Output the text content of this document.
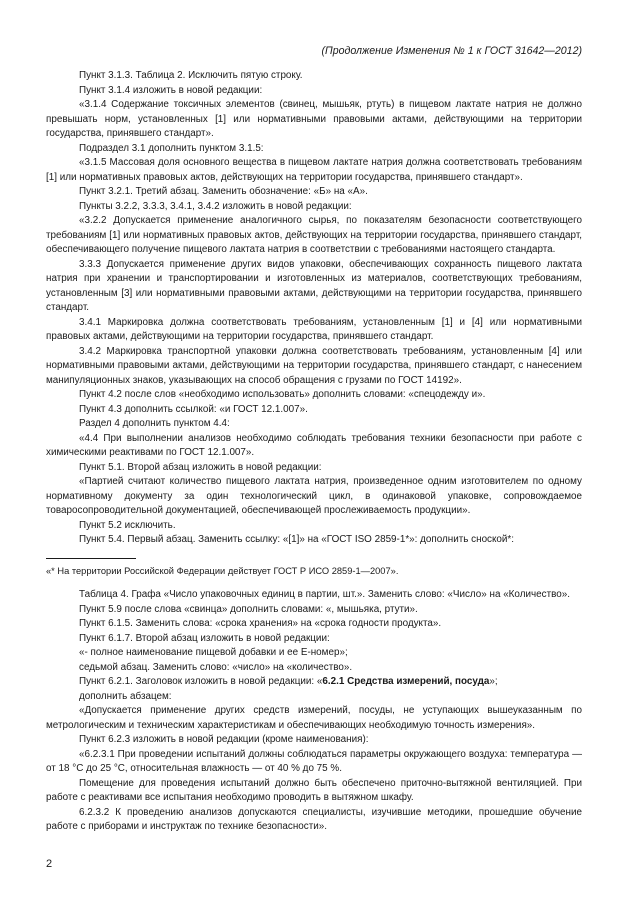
(Продолжение Изменения № 1 к ГОСТ 31642—2012)

Пункт 3.1.3. Таблица 2. Исключить пятую строку.

Пункт 3.1.4 изложить в новой редакции:

«3.1.4 Содержание токсичных элементов (свинец, мышьяк, ртуть) в пищевом лактате натрия не должно превышать норм, установленных [1] или нормативными правовыми актами, действующими на территории государства, принявшего стандарт».

Подраздел 3.1 дополнить пунктом 3.1.5:

«3.1.5 Массовая доля основного вещества в пищевом лактате натрия должна соответствовать требованиям [1] или нормативных правовых актов, действующих на территории государства, принявшего стандарт».

Пункт 3.2.1. Третий абзац. Заменить обозначение: «Б» на «А».

Пункты 3.2.2, 3.3.3, 3.4.1, 3.4.2 изложить в новой редакции:

«3.2.2 Допускается применение аналогичного сырья, по показателям безопасности соответствующего требованиям [1] или нормативных правовых актов, действующих на территории государства, принявшего стандарт, обеспечивающего получение пищевого лактата натрия в соответствии с требованиями настоящего стандарта.

3.3.3 Допускается применение других видов упаковки, обеспечивающих сохранность пищевого лактата натрия при хранении и транспортировании и изготовленных из материалов, соответствующих требованиям, установленным [3] или нормативными правовыми актами, действующими на территории государства, принявшего стандарт.

3.4.1 Маркировка должна соответствовать требованиям, установленным [1] и [4] или нормативными правовых актами, действующими на территории государства, принявшего стандарт.

3.4.2 Маркировка транспортной упаковки должна соответствовать требованиям, установленным [4] или нормативными правовыми актами, действующими на территории государства, принявшего стандарт, с нанесением манипуляционных знаков, указывающих на способ обращения с грузами по ГОСТ 14192».

Пункт 4.2 после слов «необходимо использовать» дополнить словами: «спецодежду и».

Пункт 4.3 дополнить ссылкой: «и ГОСТ 12.1.007».

Раздел 4 дополнить пунктом 4.4:

«4.4 При выполнении анализов необходимо соблюдать требования техники безопасности при работе с химическими реактивами по ГОСТ 12.1.007».

Пункт 5.1. Второй абзац изложить в новой редакции:

«Партией считают количество пищевого лактата натрия, произведенное одним изготовителем по одному нормативному документу за один технологический цикл, в одинаковой упаковке, сопровождаемое товаросопроводительной документацией, обеспечивающей прослеживаемость продукции».

Пункт 5.2 исключить.

Пункт 5.4. Первый абзац. Заменить ссылку: «[1]» на «ГОСТ ISO 2859-1*»: дополнить сноской*:

«* На территории Российской Федерации действует ГОСТ Р ИСО 2859-1—2007».

Таблица 4. Графа «Число упаковочных единиц в партии, шт.». Заменить слово: «Число» на «Количество».

Пункт 5.9 после слова «свинца» дополнить словами: «, мышьяка, ртути».

Пункт 6.1.5. Заменить слова: «срока хранения» на «срока годности продукта».

Пункт 6.1.7. Второй абзац изложить в новой редакции:

«- полное наименование пищевой добавки и ее Е-номер»;

седьмой абзац. Заменить слово: «число» на «количество».

Пункт 6.2.1. Заголовок изложить в новой редакции: «6.2.1 Средства измерений, посуда»;

дополнить абзацем:

«Допускается применение других средств измерений, посуды, не уступающих вышеуказанным по метрологическим и техническим характеристикам и обеспечивающих необходимую точность измерения».

Пункт 6.2.3 изложить в новой редакции (кроме наименования):

«6.2.3.1 При проведении испытаний должны соблюдаться параметры окружающего воздуха: температура — от 18 °С до 25 °С, относительная влажность — от 40 % до 75 %.

Помещение для проведения испытаний должно быть обеспечено приточно-вытяжной вентиляцией. При работе с реактивами все испытания необходимо проводить в вытяжном шкафу.

6.2.3.2 К проведению анализов допускаются специалисты, изучившие методики, прошедшие обучение работе с приборами и инструктаж по технике безопасности».

2
